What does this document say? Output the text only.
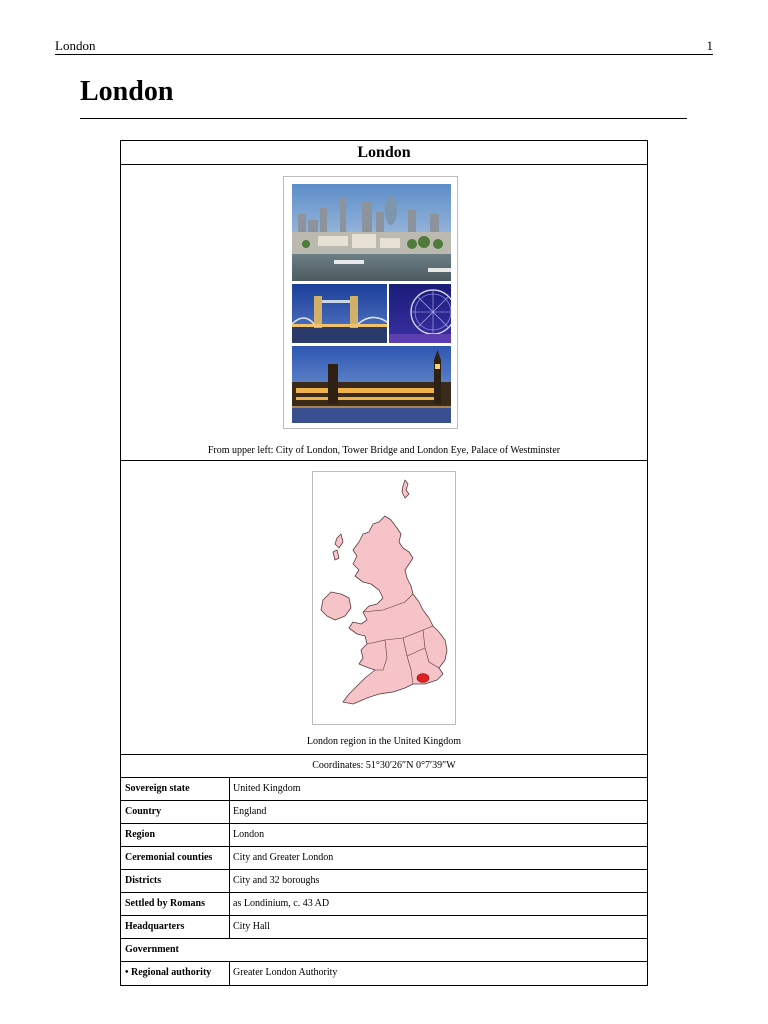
London	1
London
London
From upper left: City of London, Tower Bridge and London Eye, Palace of Westminster
London region in the United Kingdom
Coordinates: 51°30′26″N 0°7′39″W
Sovereign state	United Kingdom
Country	England
Region	London
Ceremonial counties	City and Greater London
Districts	City and 32 boroughs
Settled by Romans	as Londinium, c. 43 AD
Headquarters	City Hall
Government
• Regional authority	Greater London Authority
